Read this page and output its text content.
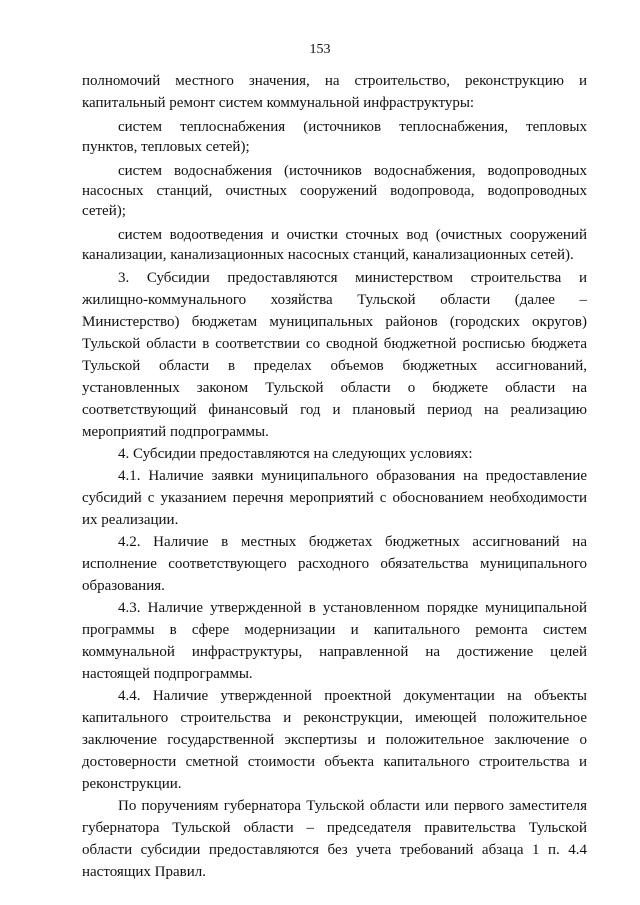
153
полномочий местного значения, на строительство, реконструкцию и
капитальный ремонт систем коммунальной инфраструктуры:
систем теплоснабжения (источников теплоснабжения, тепловых
пунктов, тепловых сетей);
систем водоснабжения (источников водоснабжения, водопроводных
насосных станций, очистных сооружений водопровода, водопроводных
сетей);
систем водоотведения и очистки сточных вод (очистных сооружений
канализации, канализационных насосных станций, канализационных сетей).
3. Субсидии предоставляются министерством строительства и
жилищно-коммунального хозяйства Тульской области (далее –
Министерство) бюджетам муниципальных районов (городских округов)
Тульской области в соответствии со сводной бюджетной росписью бюджета
Тульской области в пределах объемов бюджетных ассигнований,
установленных законом Тульской области о бюджете области на
соответствующий финансовый год и плановый период на реализацию
мероприятий подпрограммы.
4. Субсидии предоставляются на следующих условиях:
4.1. Наличие заявки муниципального образования на предоставление
субсидий с указанием перечня мероприятий с обоснованием необходимости
их реализации.
4.2. Наличие в местных бюджетах бюджетных ассигнований на
исполнение соответствующего расходного обязательства муниципального
образования.
4.3. Наличие утвержденной в установленном порядке муниципальной
программы в сфере модернизации и капитального ремонта систем
коммунальной инфраструктуры, направленной на достижение целей
настоящей подпрограммы.
4.4. Наличие утвержденной проектной документации на объекты
капитального строительства и реконструкции, имеющей положительное
заключение государственной экспертизы и положительное заключение о
достоверности сметной стоимости объекта капитального строительства и
реконструкции.
По поручениям губернатора Тульской области или первого заместителя
губернатора Тульской области – председателя правительства Тульской
области субсидии предоставляются без учета требований абзаца 1 п. 4.4
настоящих Правил.
